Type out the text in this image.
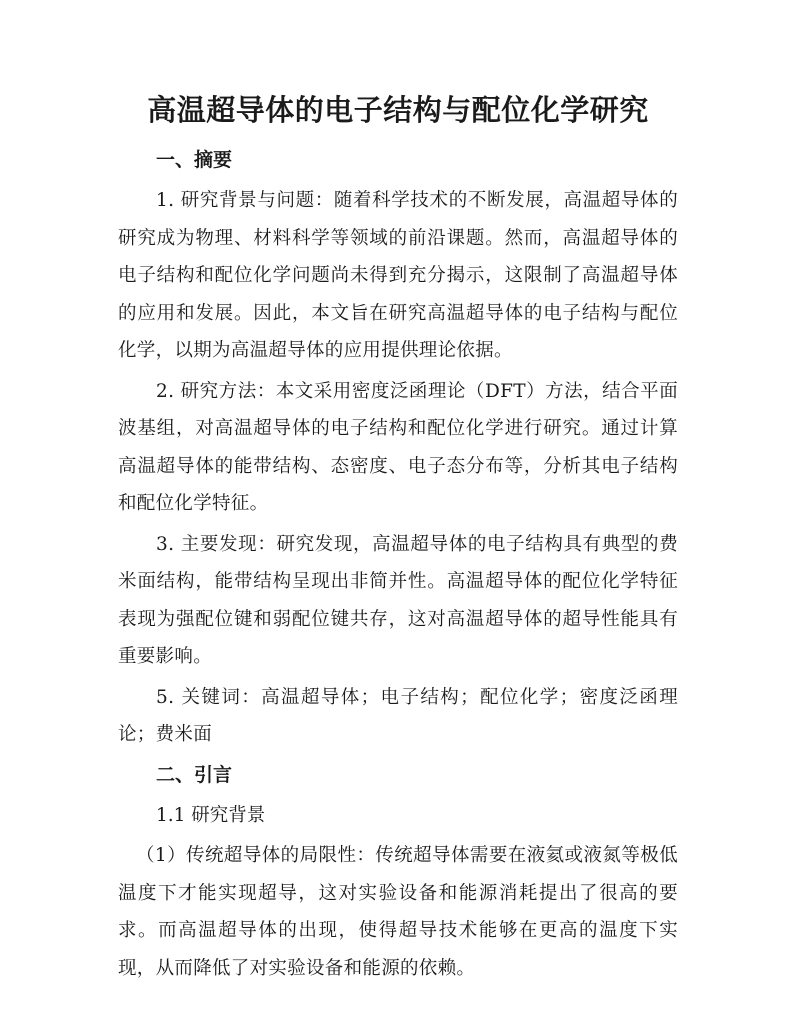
高温超导体的电子结构与配位化学研究
一、摘要

1. 研究背景与问题：随着科学技术的不断发展，高温超导体的研究成为物理、材料科学等领域的前沿课题。然而，高温超导体的电子结构和配位化学问题尚未得到充分揭示，这限制了高温超导体的应用和发展。因此，本文旨在研究高温超导体的电子结构与配位化学，以期为高温超导体的应用提供理论依据。

2. 研究方法：本文采用密度泛函理论（DFT）方法，结合平面波基组，对高温超导体的电子结构和配位化学进行研究。通过计算高温超导体的能带结构、态密度、电子态分布等，分析其电子结构和配位化学特征。

3. 主要发现：研究发现，高温超导体的电子结构具有典型的费米面结构，能带结构呈现出非简并性。高温超导体的配位化学特征表现为强配位键和弱配位键共存，这对高温超导体的超导性能具有重要影响。

5. 关键词：高温超导体；电子结构；配位化学；密度泛函理论；费米面

二、引言
1.1 研究背景

（1）传统超导体的局限性：传统超导体需要在液氦或液氮等极低温度下才能实现超导，这对实验设备和能源消耗提出了很高的要求。而高温超导体的出现，使得超导技术能够在更高的温度下实现，从而降低了对实验设备和能源的依赖。
